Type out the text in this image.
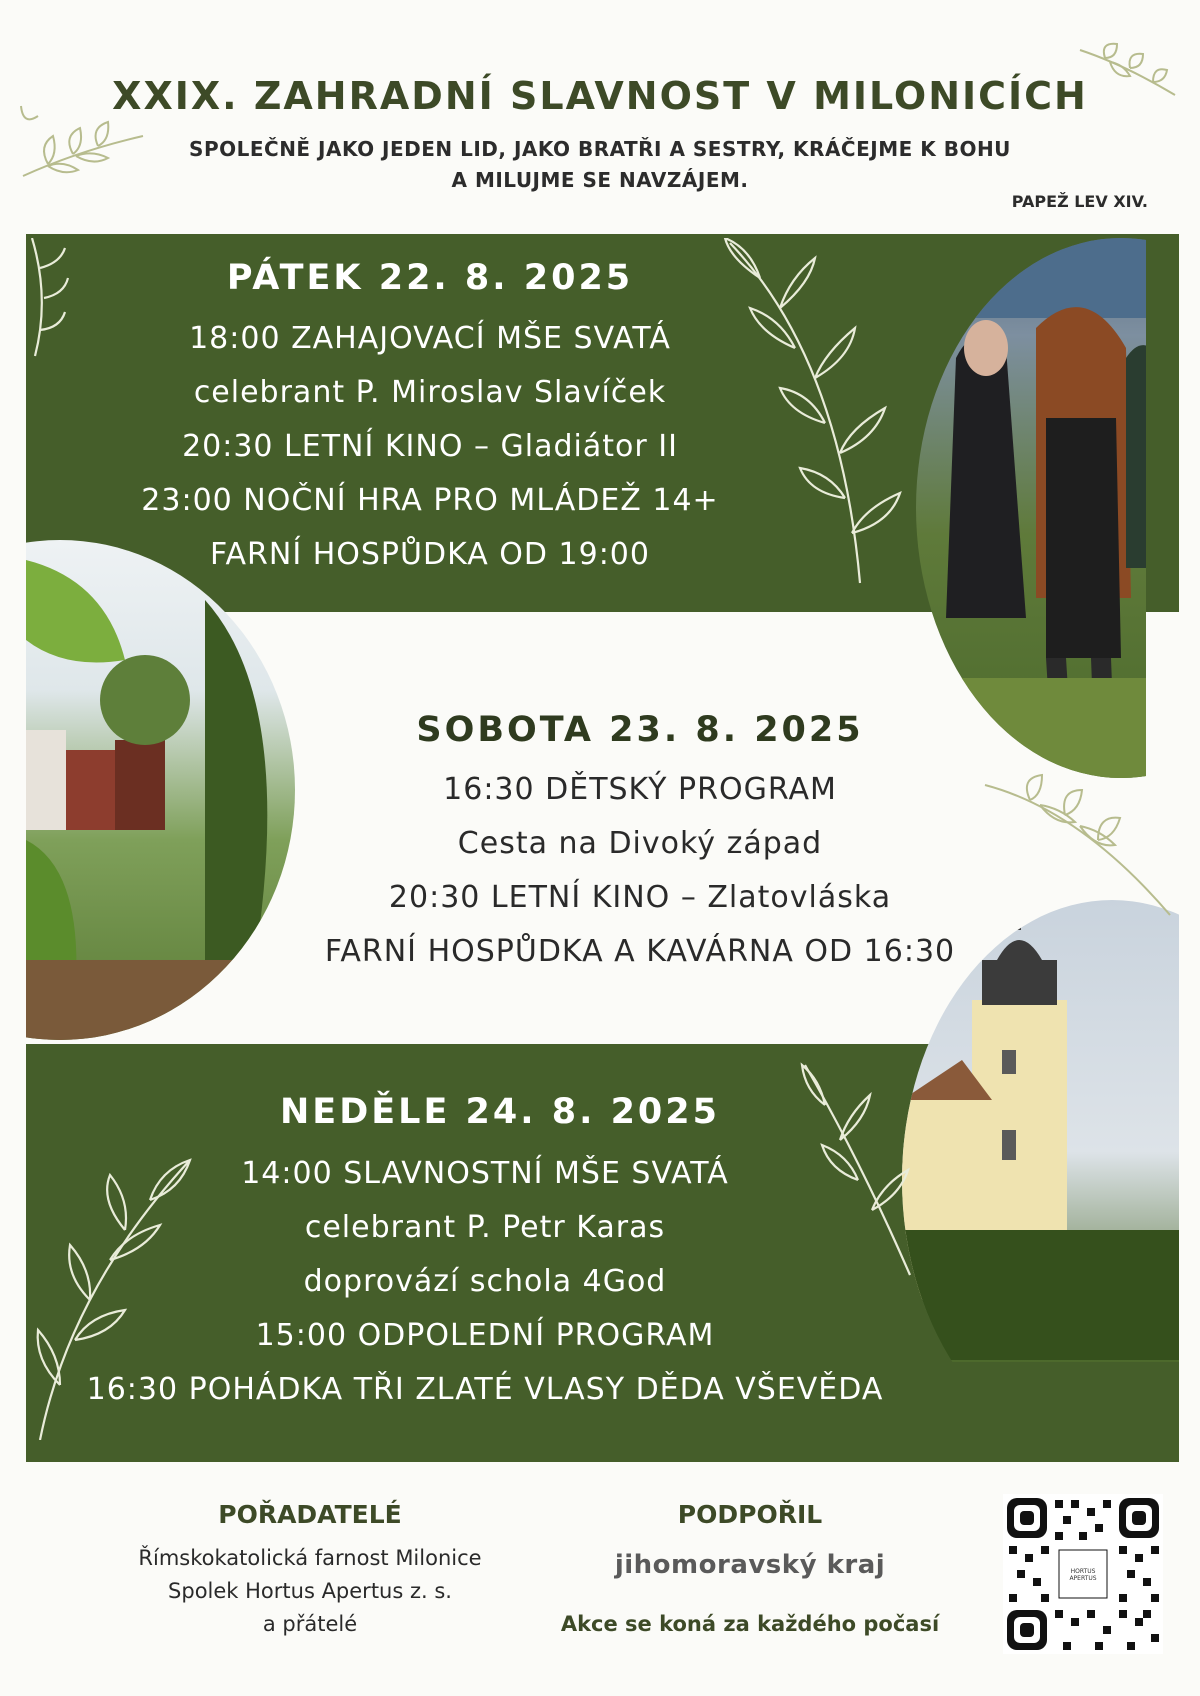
XXIX. ZAHRADNÍ SLAVNOST V MILONICÍCH
SPOLEČNĚ JAKO JEDEN LID, JAKO BRATŘI A SESTRY, KRÁČEJME K BOHU
A MILUJME SE NAVZÁJEM.
PAPEŽ LEV XIV.
PÁTEK 22. 8. 2025
18:00 ZAHAJOVACÍ MŠE SVATÁ
celebrant P. Miroslav Slavíček
20:30 LETNÍ KINO – Gladiátor II
23:00 NOČNÍ HRA PRO MLÁDEŽ 14+
FARNÍ HOSPŮDKA OD 19:00
SOBOTA 23. 8. 2025
16:30 DĚTSKÝ PROGRAM
Cesta na Divoký západ
20:30 LETNÍ KINO – Zlatovláska
FARNÍ HOSPŮDKA A KAVÁRNA OD 16:30
NEDĚLE 24. 8. 2025
14:00 SLAVNOSTNÍ MŠE SVATÁ
celebrant P. Petr Karas
doprovází schola 4God
15:00 ODPOLEDNÍ PROGRAM
16:30 POHÁDKA TŘI ZLATÉ VLASY DĚDA VŠEVĚDA
POŘADATELÉ
Římskokatolická farnost Milonice
Spolek Hortus Apertus z. s.
a přátelé
PODPOŘIL
jihomoravský kraj
Akce se koná za každého počasí
HORTUS APERTUS
